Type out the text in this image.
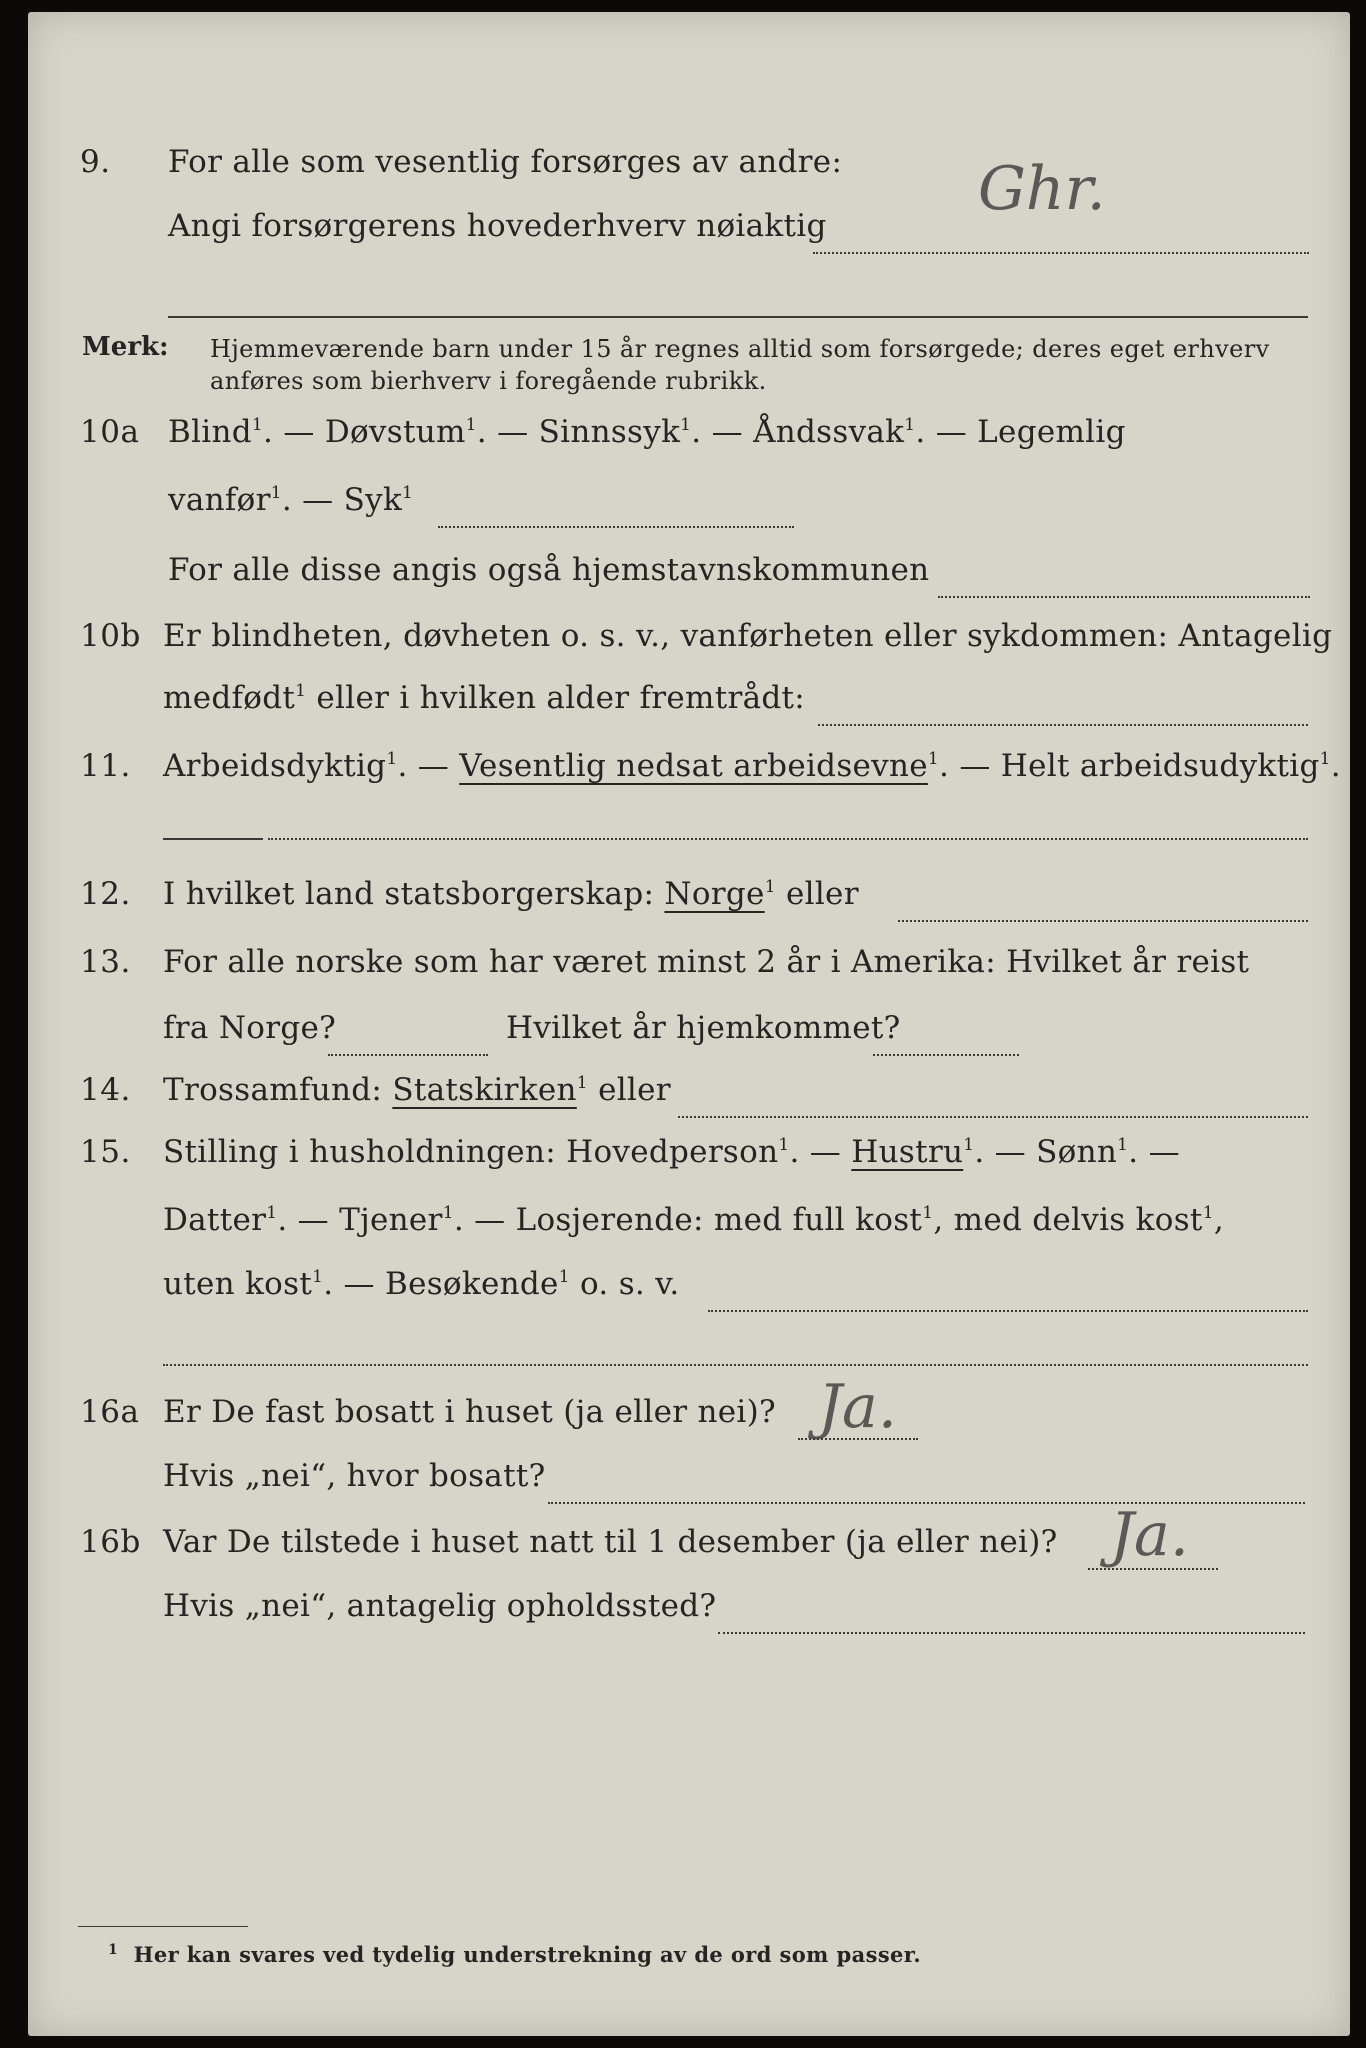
9.	For alle som vesentlig forsørges av andre:
Angi forsørgerens hovederhverv nøiaktig
Ghr.
Merk: Hjemmeværende barn under 15 år regnes alltid som forsørgede; deres eget erhverv
anføres som bierhverv i foregående rubrikk.
10a Blind$^1$. — Døvstum$^1$. — Sinnssyk$^1$. — Åndssvak$^1$. — Legemlig
vanfør$^1$. — Syk$^1$
For alle disse angis også hjemstavnskommunen
10b Er blindheten, døvheten o. s. v., vanførheten eller sykdommen: Antagelig
medfødt$^1$ eller i hvilken alder fremtrådt:
11.	Arbeidsdyktig$^1$. — Vesentlig nedsat arbeidsevne$^1$. — Helt arbeidsudyktig$^1$.
12.	I hvilket land statsborgerskap: Norge$^1$ eller
13.	For alle norske som har været minst 2 år i Amerika: Hvilket år reist
fra Norge?	Hvilket år hjemkommet?
14.	Trossamfund: Statskirken$^1$ eller
15.	Stilling i husholdningen: Hovedperson$^1$. — Hustru$^1$. — Sønn$^1$. —
Datter$^1$. — Tjener$^1$. — Losjerende: med full kost$^1$, med delvis kost$^1$,
uten kost$^1$. — Besøkende$^1$ o. s. v.
16a Er De fast bosatt i huset (ja eller nei)? Ja.
Hvis „nei“, hvor bosatt?
16b Var De tilstede i huset natt til 1 desember (ja eller nei)? Ja.
Hvis „nei“, antagelig opholdssted?
$^1$ Her kan svares ved tydelig understrekning av de ord som passer.
